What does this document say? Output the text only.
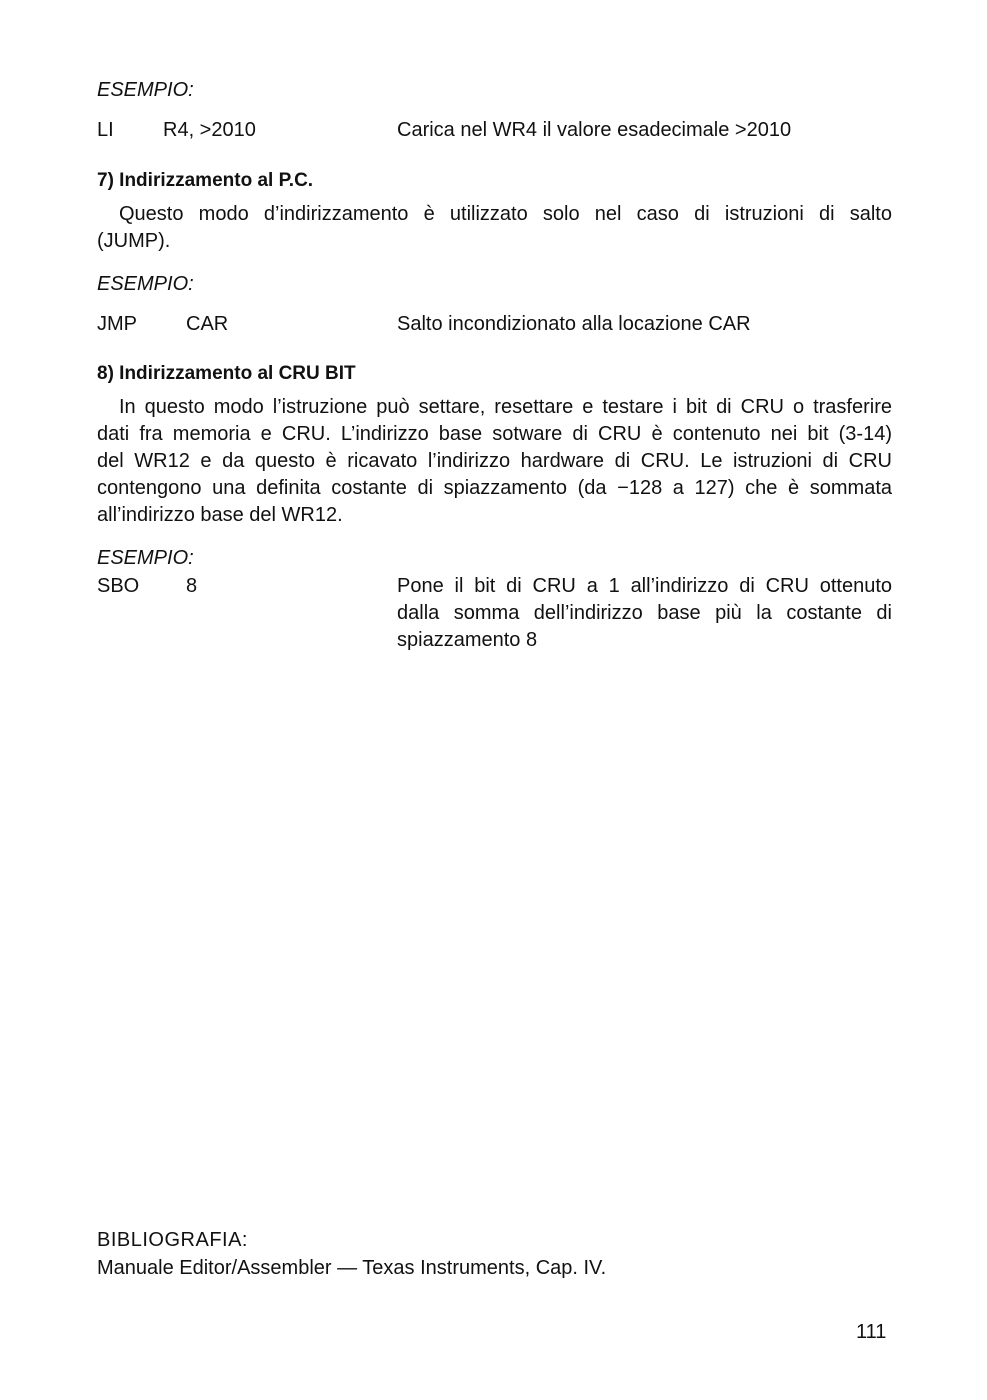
ESEMPIO:

LI R4, >2010	Carica nel WR4 il valore esadecimale >2010

7) Indirizzamento al P.C.

Questo modo d’indirizzamento è utilizzato solo nel caso di istruzioni di salto
(JUMP).

ESEMPIO:

JMP CAR	Salto incondizionato alla locazione CAR

8) Indirizzamento al CRU BIT

In questo modo l’istruzione può settare, resettare e testare i bit di CRU o trasferire
dati fra memoria e CRU. L’indirizzo base sotware di CRU è contenuto nei bit (3-14)
del WR12 e da questo è ricavato l’indirizzo hardware di CRU. Le istruzioni di CRU
contengono una definita costante di spiazzamento (da −128 a 127) che è sommata
all’indirizzo base del WR12.

ESEMPIO:

SBO 8	Pone il bit di CRU a 1 all’indirizzo di CRU ottenuto
dalla somma dell’indirizzo base più la costante di
spiazzamento 8

BIBLIOGRAFIA:

Manuale Editor/Assembler — Texas Instruments, Cap. IV.

111
